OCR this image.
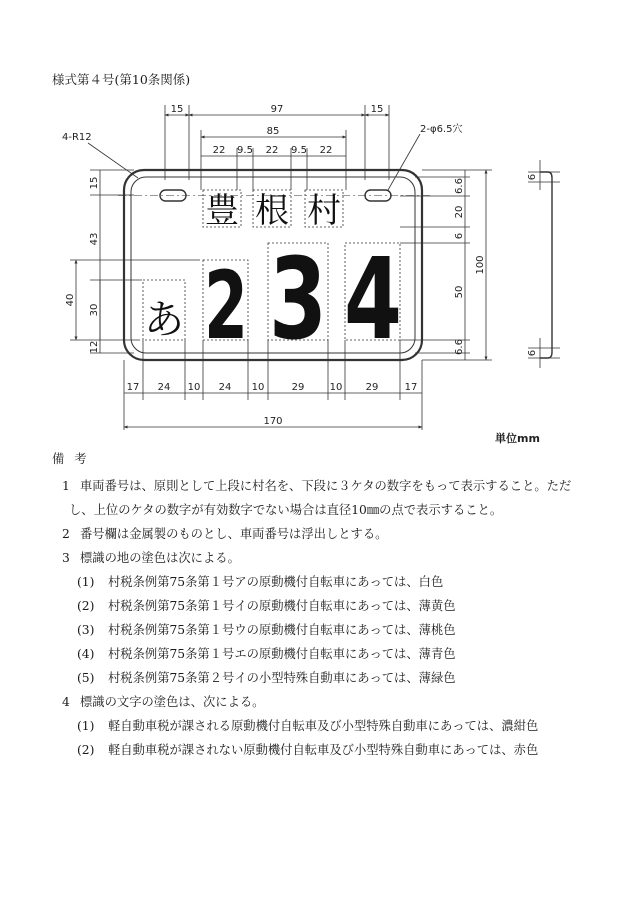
様式第４号(第10条関係)
豊 根 村
あ 2 3 4
15	97	15
85
22 9.5 22 9.5 22
4-R12
2-φ6.5穴
15
43
40
30
12
6.6
20
6
50
6.6
100
17 24 10 24 10	29	10 29	17
170
6
6
単位mm
備考
1 車両番号は、原則として上段に村名を、下段に３ケタの数字をもって表示すること。ただ
し、上位のケタの数字が有効数字でない場合は直径10㎜の点で表示すること。
2 番号欄は金属製のものとし、車両番号は浮出しとする。
3 標識の地の塗色は次による。
(1)	村税条例第75条第１号アの原動機付自転車にあっては、白色
(2)	村税条例第75条第１号イの原動機付自転車にあっては、薄黄色
(3)	村税条例第75条第１号ウの原動機付自転車にあっては、薄桃色
(4)	村税条例第75条第１号エの原動機付自転車にあっては、薄青色
(5)	村税条例第75条第２号イの小型特殊自動車にあっては、薄緑色
4 標識の文字の塗色は、次による。
(1)	軽自動車税が課される原動機付自転車及び小型特殊自動車にあっては、濃紺色
(2)	軽自動車税が課されない原動機付自転車及び小型特殊自動車にあっては、赤色
